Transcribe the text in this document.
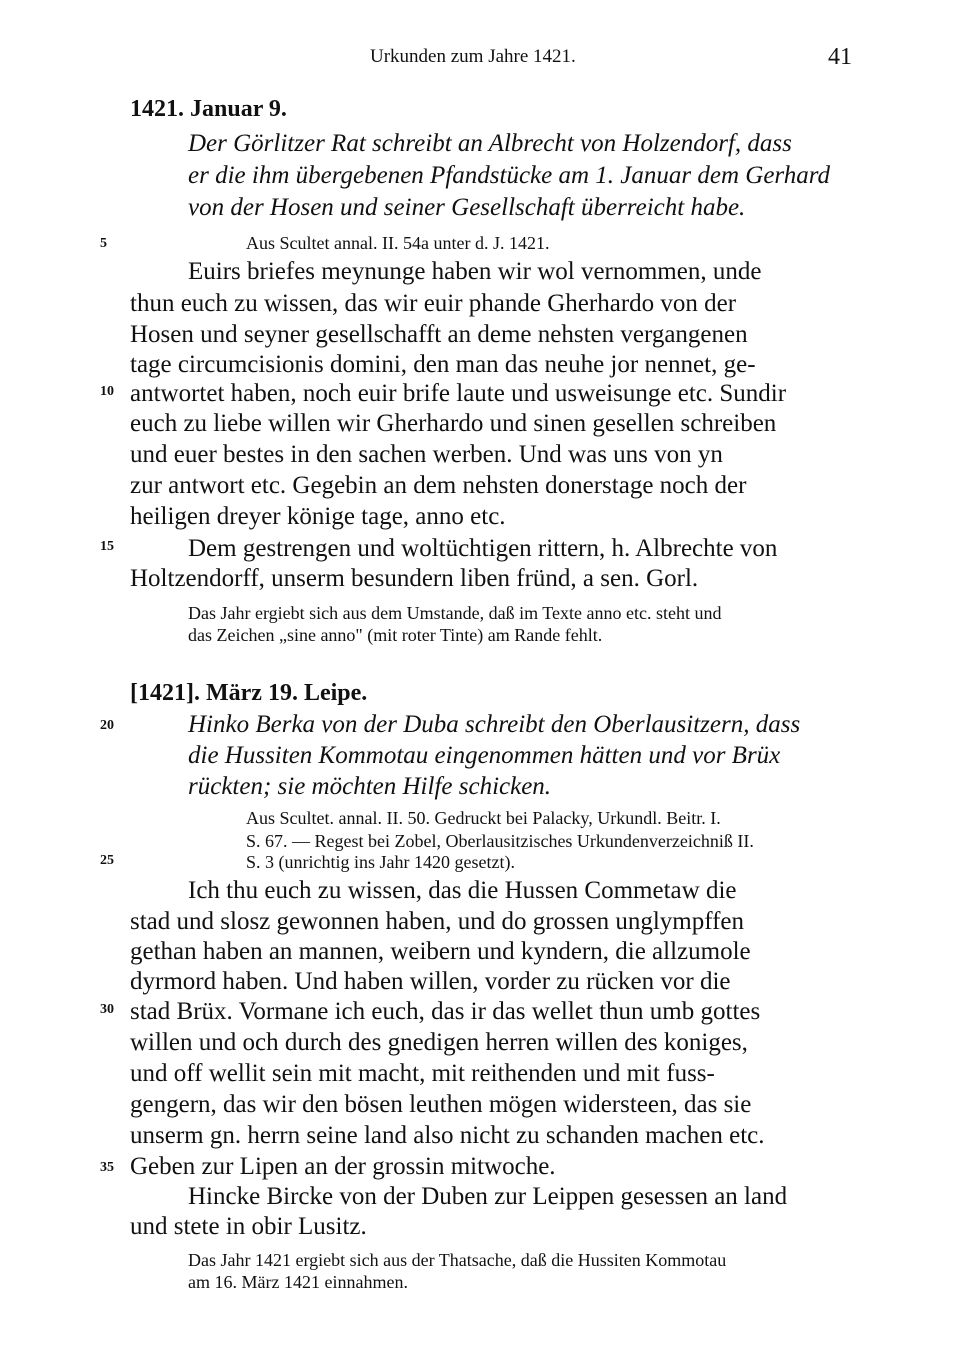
Urkunden zum Jahre 1421.	41
5
10
15
20
25
30
35
1421. Januar 9.
Der Görlitzer Rat schreibt an Albrecht von Holzendorf, dass
er die ihm übergebenen Pfandstücke am 1. Januar dem Gerhard
von der Hosen und seiner Gesellschaft überreicht habe.
Aus Scultet annal. II. 54a unter d. J. 1421.
Euirs briefes meynunge haben wir wol vernommen, unde
thun euch zu wissen, das wir euir phande Gherhardo von der
Hosen und seyner gesellschafft an deme nehsten vergangenen
tage circumcisionis domini, den man das neuhe jor nennet, ge-
antwortet haben, noch euir brife laute und usweisunge etc. Sundir
euch zu liebe willen wir Gherhardo und sinen gesellen schreiben
und euer bestes in den sachen werben. Und was uns von yn
zur antwort etc. Gegebin an dem nehsten donerstage noch der
heiligen dreyer könige tage, anno etc.
Dem gestrengen und woltüchtigen rittern, h. Albrechte von
Holtzendorff, unserm besundern liben fründ, a sen. Gorl.
Das Jahr ergiebt sich aus dem Umstande, daß im Texte anno etc. steht und
das Zeichen „sine anno" (mit roter Tinte) am Rande fehlt.
[1421]. März 19. Leipe.
Hinko Berka von der Duba schreibt den Oberlausitzern, dass
die Hussiten Kommotau eingenommen hätten und vor Brüx
rückten; sie möchten Hilfe schicken.
Aus Scultet. annal. II. 50. Gedruckt bei Palacky, Urkundl. Beitr. I.
S. 67. — Regest bei Zobel, Oberlausitzisches Urkundenverzeichniß II.
S. 3 (unrichtig ins Jahr 1420 gesetzt).
Ich thu euch zu wissen, das die Hussen Commetaw die
stad und slosz gewonnen haben, und do grossen unglympffen
gethan haben an mannen, weibern und kyndern, die allzumole
dyrmord haben. Und haben willen, vorder zu rücken vor die
stad Brüx. Vormane ich euch, das ir das wellet thun umb gottes
willen und och durch des gnedigen herren willen des koniges,
und off wellit sein mit macht, mit reithenden und mit fuss-
gengern, das wir den bösen leuthen mögen widersteen, das sie
unserm gn. herrn seine land also nicht zu schanden machen etc.
Geben zur Lipen an der grossin mitwoche.
Hincke Bircke von der Duben zur Leippen gesessen an land
und stete in obir Lusitz.
Das Jahr 1421 ergiebt sich aus der Thatsache, daß die Hussiten Kommotau
am 16. März 1421 einnahmen.
